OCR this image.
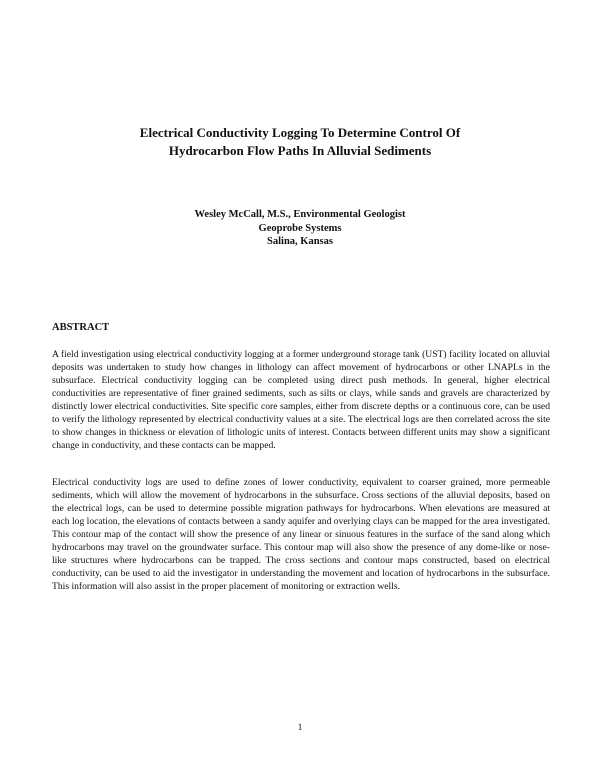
Electrical Conductivity Logging To Determine Control Of
Hydrocarbon Flow Paths In Alluvial Sediments
Wesley McCall, M.S., Environmental Geologist
Geoprobe Systems
Salina, Kansas
ABSTRACT

A field investigation using electrical conductivity logging at a former underground storage tank (UST) facility located on alluvial deposits was undertaken to study how changes in lithology can affect movement of hydrocarbons or other LNAPLs in the subsurface. Electrical conductivity logging can be completed using direct push methods. In general, higher electrical conductivities are representative of finer grained sediments, such as silts or clays, while sands and gravels are characterized by distinctly lower electrical conductivities. Site specific core samples, either from discrete depths or a continuous core, can be used to verify the lithology represented by electrical conductivity values at a site. The electrical logs are then correlated across the site to show changes in thickness or elevation of lithologic units of interest. Contacts between different units may show a significant change in conductivity, and these contacts can be mapped.

Electrical conductivity logs are used to define zones of lower conductivity, equivalent to coarser grained, more permeable sediments, which will allow the movement of hydrocarbons in the subsurface. Cross sections of the alluvial deposits, based on the electrical logs, can be used to determine possible migration pathways for hydrocarbons. When elevations are measured at each log location, the elevations of contacts between a sandy aquifer and overlying clays can be mapped for the area investigated. This contour map of the contact will show the presence of any linear or sinuous features in the surface of the sand along which hydrocarbons may travel on the groundwater surface. This contour map will also show the presence of any dome-like or nose-like structures where hydrocarbons can be trapped. The cross sections and contour maps constructed, based on electrical conductivity, can be used to aid the investigator in understanding the movement and location of hydrocarbons in the subsurface. This information will also assist in the proper placement of monitoring or extraction wells.

1
